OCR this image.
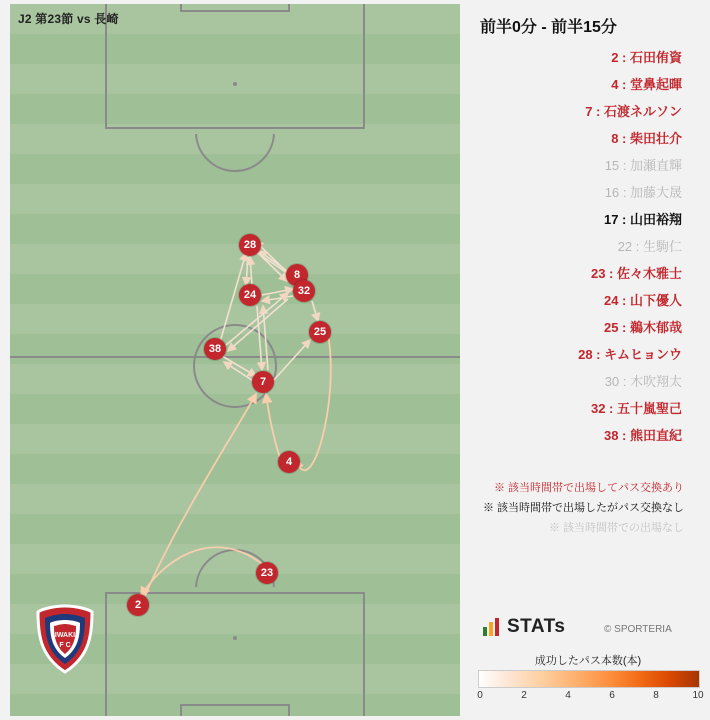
28
8
24	32
25
38
7
4
23
2
J2 第23節 vs 長崎
IWAKI
F C
前半0分 - 前半15分
2 : 石田侑資
4 : 堂鼻起暉
7 : 石渡ネルソン
8 : 柴田壮介
15 : 加瀬直輝
16 : 加藤大晟
17 : 山田裕翔
22 : 生駒仁
23 : 佐々木雅士
24 : 山下優人
25 : 鵜木郁哉
28 : キムヒョンウ
30 : 木吹翔太
32 : 五十嵐聖己
38 : 熊田直紀
※ 該当時間帯で出場してパス交換あり
※ 該当時間帯で出場したがパス交換なし
※ 該当時間帯での出場なし
STATs	© SPORTERIA
成功したパス本数(本)
0	2	4	6	8	10
